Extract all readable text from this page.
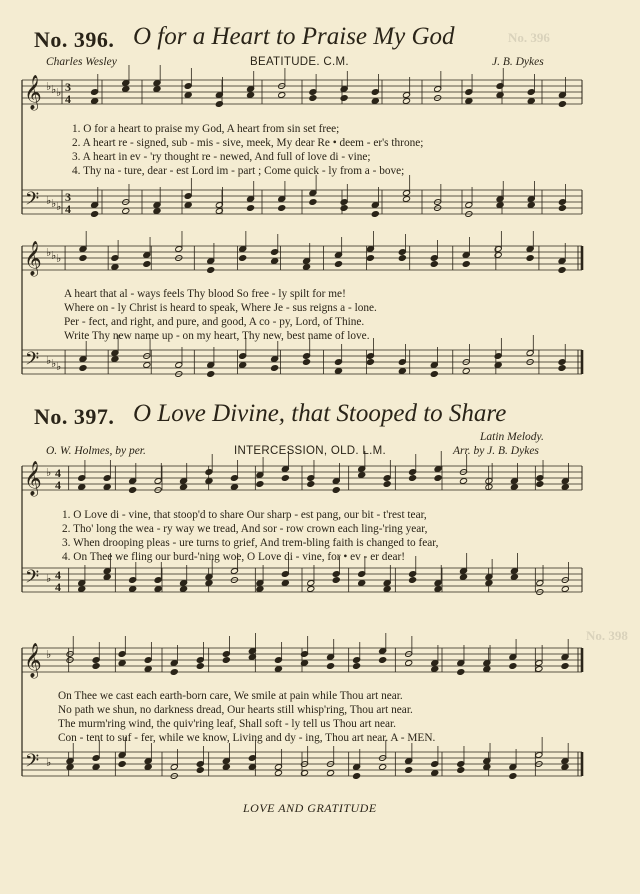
𝄞
𝄢
♭
♭
♭
♭
♭
♭
3
4
3
4
𝄞
𝄢
♭
♭
♭
♭
♭
♭
𝄞
𝄢
♭
♭
4
4
4
4
𝄞
𝄢
♭
♭
No. 396
No. 398
No. 396. O for a Heart to Praise My God
Charles Wesley	BEATITUDE. C.M.	J. B. Dykes
1. O for a heart to praise my God, A heart from sin set free;
2. A heart re - signed, sub - mis - sive, meek, My dear Re • deem - er's throne;
3. A heart in ev - 'ry thought re - newed, And full of love di - vine;
4. Thy na - ture, dear - est Lord im - part ; Come quick - ly from a - bove;
A heart that al - ways feels Thy blood So free - ly spilt for me!
Where on - ly Christ is heard to speak, Where Je - sus reigns a - lone.
Per - fect, and right, and pure, and good, A co - py, Lord, of Thine.
Write Thy new name up - on my heart, Thy new, best name of love.
No. 397. O Love Divine, that Stooped to Share
Latin Melody.
O. W. Holmes, by per.	INTERCESSION, OLD. L.M.	Arr. by J. B. Dykes
1. O Love di - vine, that stoop'd to share Our sharp - est pang, our bit - t'rest tear,
2. Tho' long the wea - ry way we tread, And sor - row crown each ling-'ring year,
3. When drooping pleas - ure turns to grief, And trem-bling faith is changed to fear,
4. On Thee we fling our burd-'ning woe, O Love di - vine, for • ev - er dear!
On Thee we cast each earth-born care, We smile at pain while Thou art near.
No path we shun, no darkness dread, Our hearts still whisp'ring, Thou art near.
The murm'ring wind, the quiv'ring leaf, Shall soft - ly tell us Thou art near.
Con - tent to suf - fer, while we know, Living and dy - ing, Thou art near. A - MEN.
LOVE AND GRATITUDE
